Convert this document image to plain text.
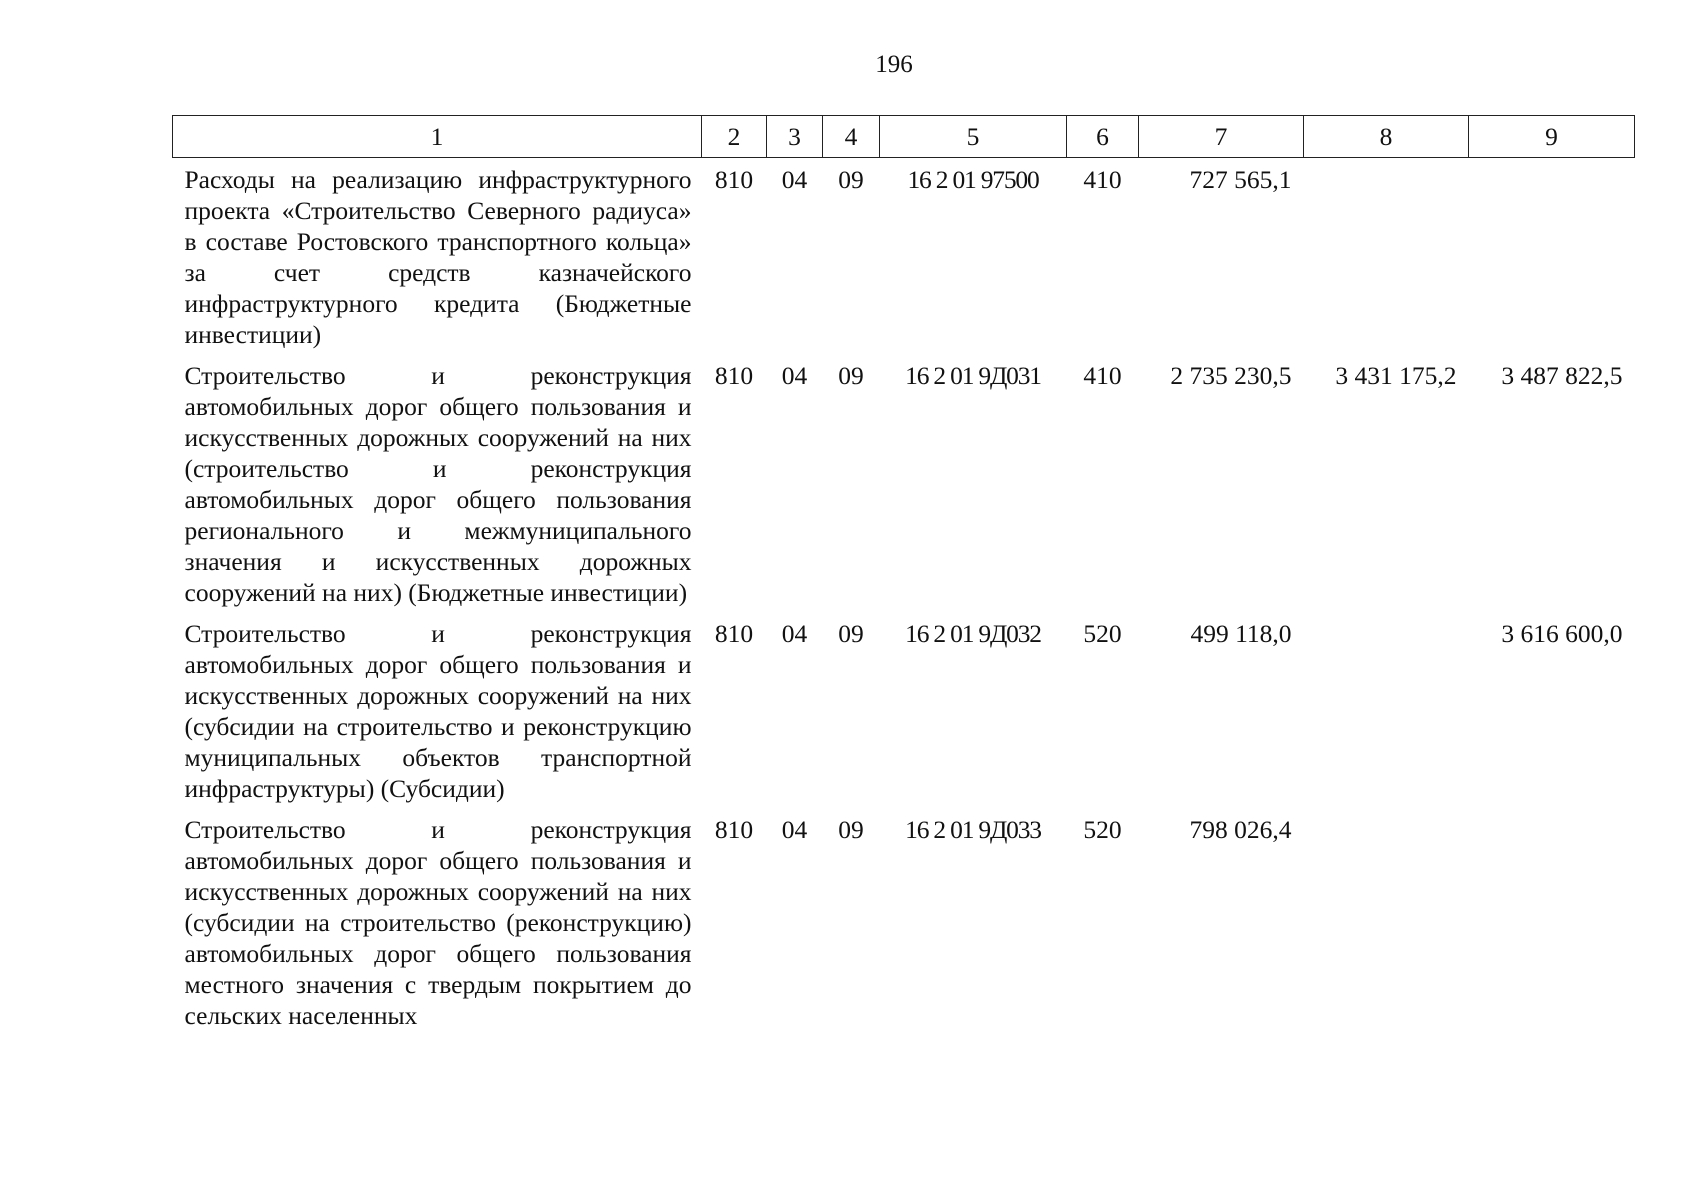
196
1	2	3	4	5	6	7	8	9
Расходы на реализацию инфраструктурного проекта «Строительство Северного радиуса» в составе Ростовского транспортного кольца» за счет средств казначейского инфраструктурного кредита (Бюджетные инвестиции)	810	04	09	16 2 01 97500	410	727 565,1		
Строительство и реконструкция автомобильных дорог общего пользования и искусственных дорожных сооружений на них (строительство и реконструкция автомобильных дорог общего пользования регионального и межмуниципального значения и искусственных дорожных сооружений на них) (Бюджетные инвестиции)	810	04	09	16 2 01 9Д031	410	2 735 230,5	3 431 175,2	3 487 822,5
Строительство и реконструкция автомобильных дорог общего пользования и искусственных дорожных сооружений на них (субсидии на строительство и реконструкцию муниципальных объектов транспортной инфраструктуры) (Субсидии)	810	04	09	16 2 01 9Д032	520	499 118,0		3 616 600,0
Строительство и реконструкция автомобильных дорог общего пользования и искусственных дорожных сооружений на них (субсидии на строительство (реконструкцию) автомобильных дорог общего пользования местного значения с твердым покрытием до сельских населенных	810	04	09	16 2 01 9Д033	520	798 026,4		
